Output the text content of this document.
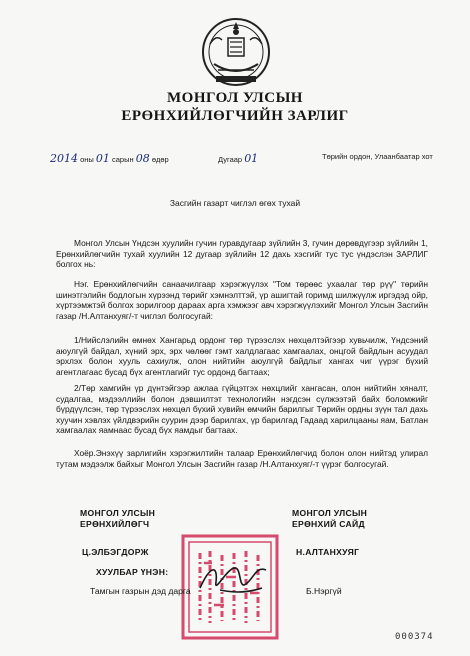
МОНГОЛ УЛСЫН
ЕРӨНХИЙЛӨГЧИЙН ЗАРЛИГ
2014 оны 01 сарын 08 өдөр	Дугаар 01	Төрийн ордон, Улаанбаатар хот
Засгийн газарт чиглэл өгөх тухай
Монгол Улсын Үндсэн хуулийн гучин гуравдугаар зүйлийн 3, гучин дөрөвдүгээр зүйлийн 1, Ерөнхийлөгчийн тухай хуулийн 12 дугаар зүйлийн 12 дахь хэсгийг тус тус үндэслэн ЗАРЛИГ болгох нь:
Нэг. Ерөнхийлөгчийн санаачилгаар хэрэгжүүлэх "Том төрөөс ухаалаг төр рүү" төрийн шинэтгэлийн бодлогын хүрээнд төрийг хэмнэлттэй, үр ашигтай горимд шилжүүлж иргэдэд ойр, хүртээмжтэй болгох зорилгоор дараах арга хэмжээг авч хэрэгжүүлэхийг Монгол Улсын Засгийн газар /Н.Алтанхуяг/-т чиглэл болгосугай:
1/Нийслэлийн өмнөх Хангарьд ордонг төр түрээслэх нөхцөлтэйгээр хувьчилж, Үндсэний аюулгүй байдал, хүний эрх, эрх чөлөөг гэмт халдлагаас хамгаалах, онцгой байдлын асуудал эрхлэх болон хууль сахиулж, олон нийтийн аюулгүй байдлыг хангах чиг үүрэг бүхий агентлагаас бусад бүх агентлагийг тус ордонд багтаах;
2/Төр хамгийн үр дүнтэйгээр ажлаа гүйцэтгэх нөхцлийг хангасан, олон нийтийн хяналт, судалгаа, мэдээллийн болон дэвшилтэт технологийн нэгдсэн сүлжээтэй байх боломжийг бүрдүүлсэн, төр түрээслэх нөхцөл бүхий хувийн өмчийн барилгыг Төрийн ордны зүүн тал дахь хуучин хэвлэх үйлдвэрийн суурин дээр барилгах, үр барилгад Гадаад харилцааны яам, Батлан хамгаалах яамнаас бусад бүх яамдыг багтаах.
Хоёр.Энэхүү зарлигийн хэрэгжилтийн талаар Ерөнхийлөгчид болон олон нийтэд улирал тутам мэдээлж байхыг Монгол Улсын Засгийн газар /Н.Алтанхуяг/-т үүрэг болгосугай.
МОНГОЛ УЛСЫН
ЕРӨНХИЙЛӨГЧ
МОНГОЛ УЛСЫН
ЕРӨНХИЙ САЙД
Ц.ЭЛБЭГДОРЖ	Н.АЛТАНХУЯГ
ХУУЛБАР ҮНЭН:
Тамгын газрын дэд дарга	Б.Нэргүй
000374
